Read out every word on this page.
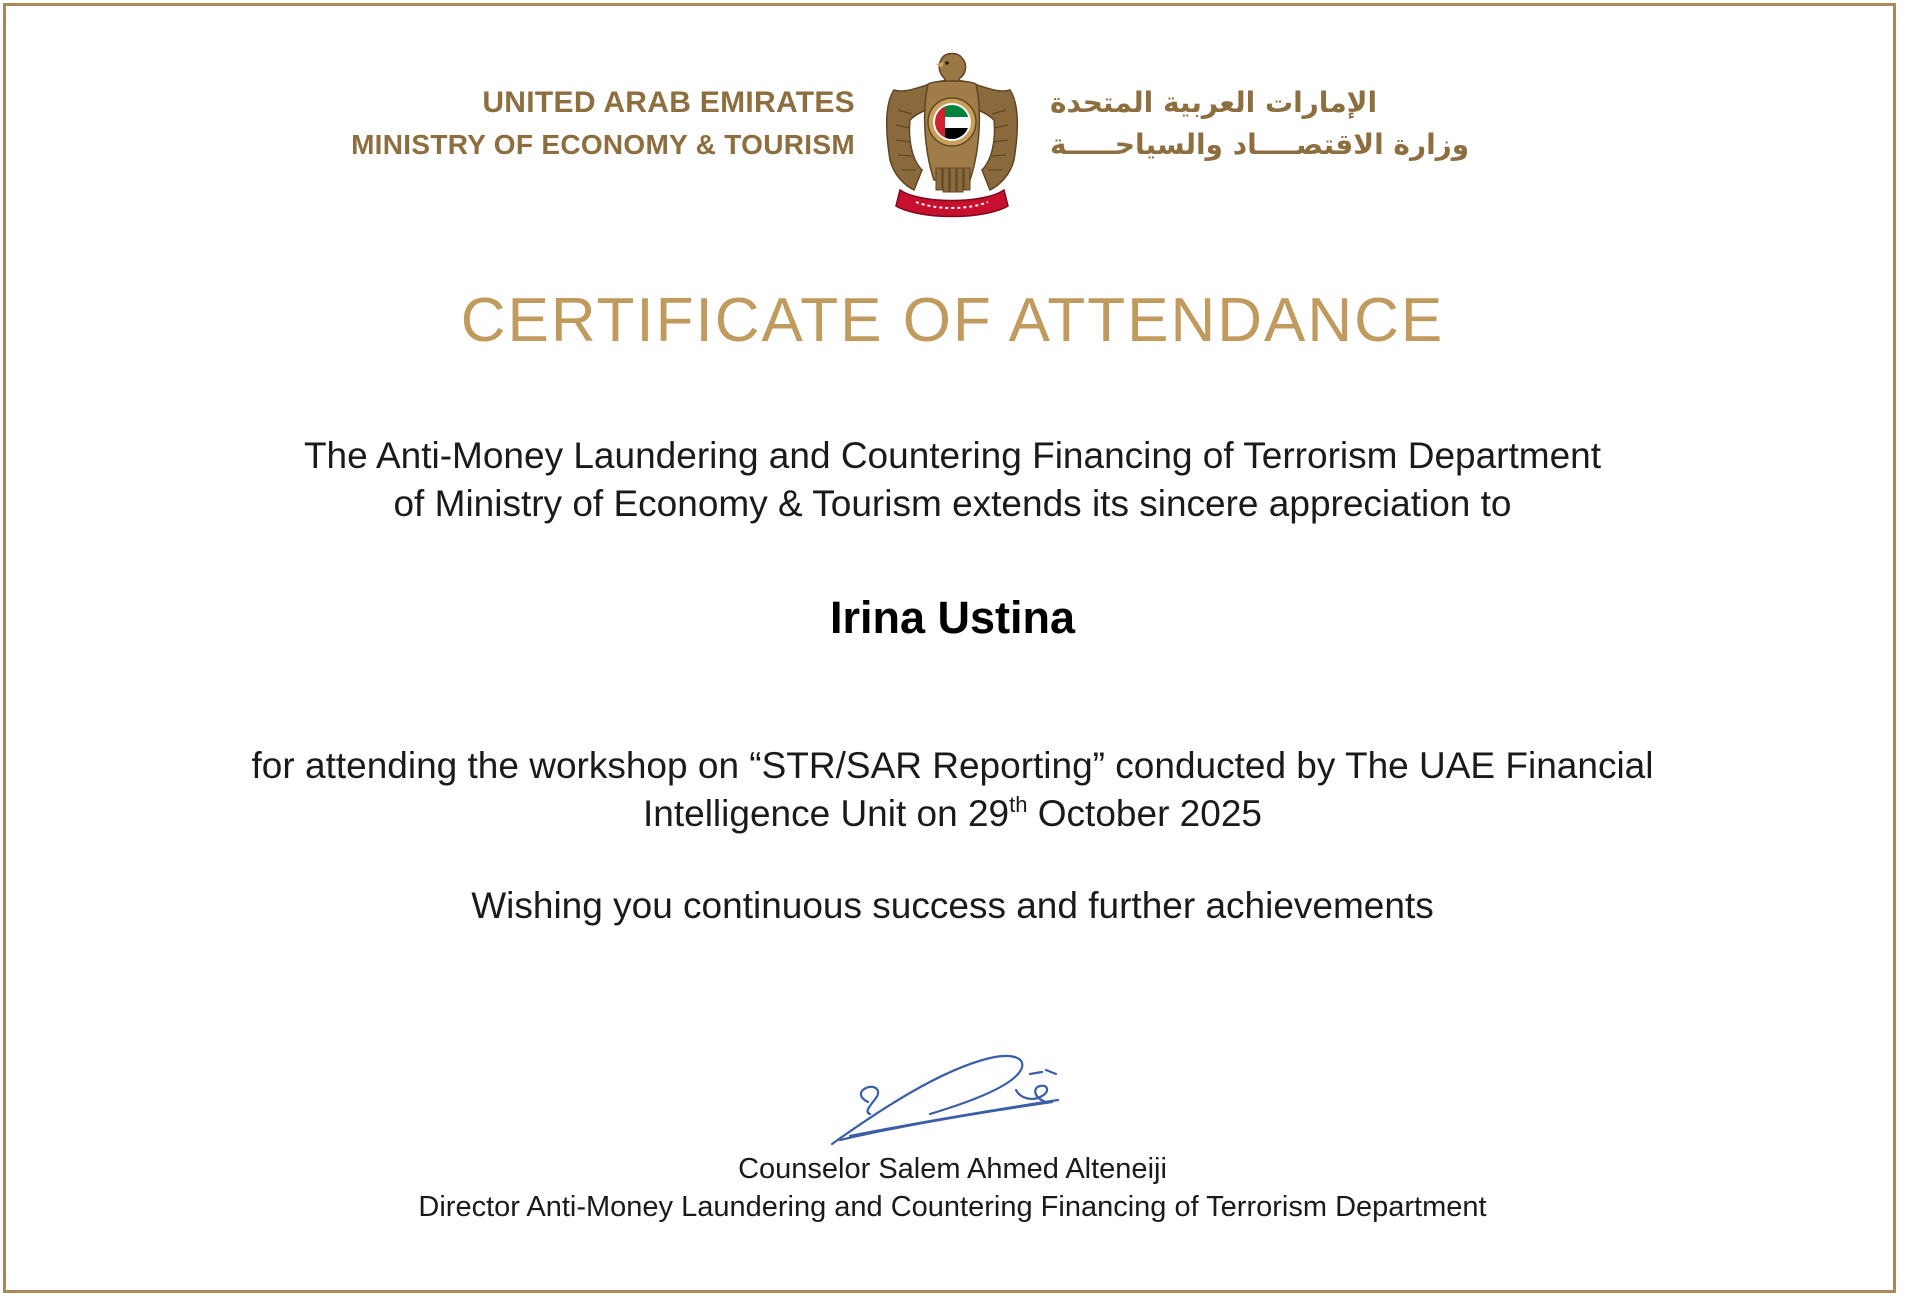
UNITED ARAB EMIRATES
MINISTRY OF ECONOMY & TOURISM
الإمارات العربية المتحدة
وزارة الاقتصــــاد والسياحـــــة
CERTIFICATE OF ATTENDANCE
The Anti-Money Laundering and Countering Financing of Terrorism Department
of Ministry of Economy & Tourism extends its sincere appreciation to
Irina Ustina
for attending the workshop on “STR/SAR Reporting” conducted by The UAE Financial
Intelligence Unit on 29th October 2025
Wishing you continuous success and further achievements
Counselor Salem Ahmed Alteneiji
Director Anti-Money Laundering and Countering Financing of Terrorism Department
